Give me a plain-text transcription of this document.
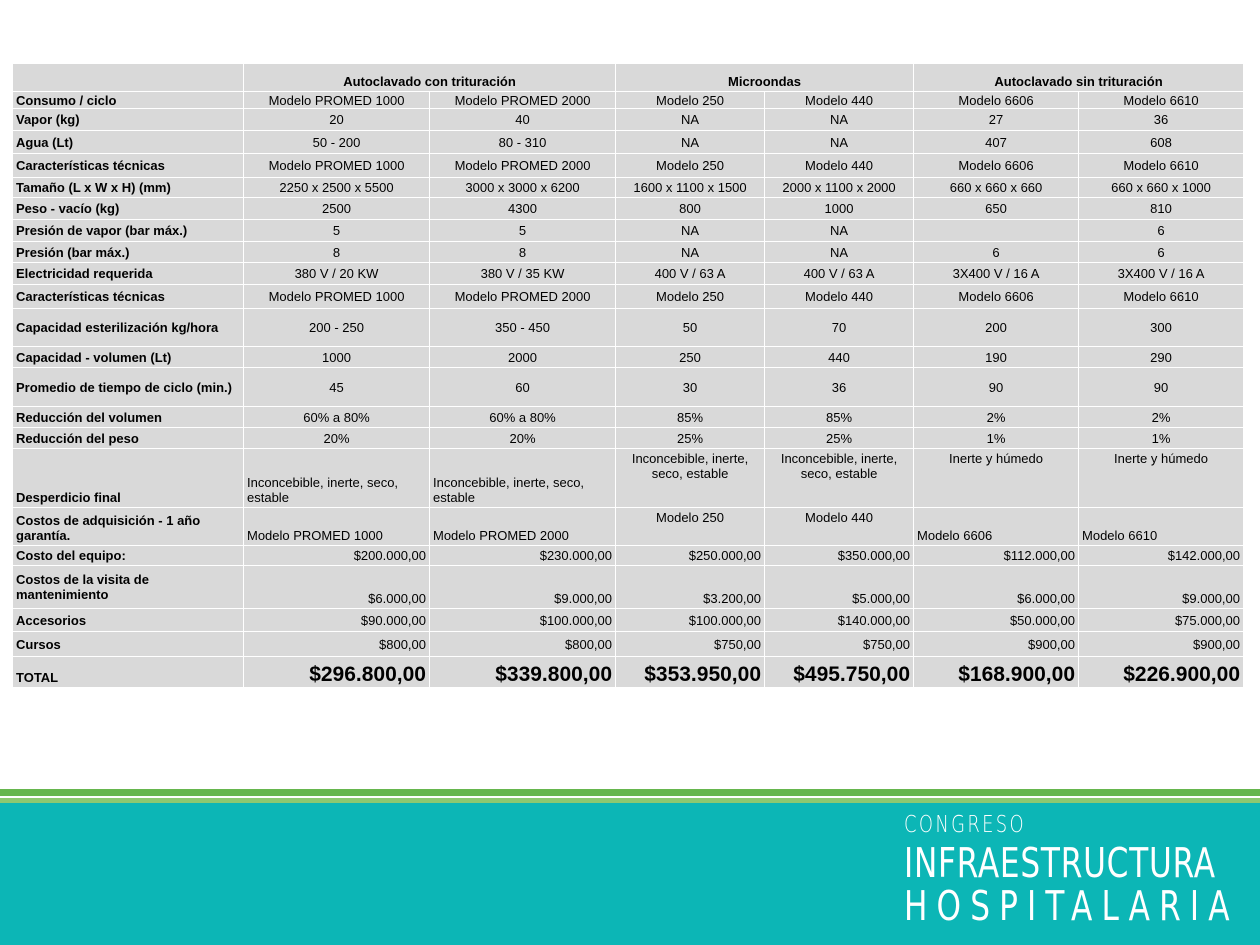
	Autoclavado con trituración		Microondas		Autoclavado sin trituración	
Consumo / ciclo	Modelo PROMED 1000	Modelo PROMED 2000	Modelo 250	Modelo 440	Modelo 6606	Modelo 6610
Vapor (kg)	20	40	NA	NA	27	36
Agua (Lt)	50 - 200	80 - 310	NA	NA	407	608
Características técnicas	Modelo PROMED 1000	Modelo PROMED 2000	Modelo 250	Modelo 440	Modelo 6606	Modelo 6610
Tamaño (L x W x H) (mm)	2250 x 2500 x 5500	3000 x 3000 x 6200	1600 x 1100 x 1500	2000 x 1100 x 2000	660 x 660 x 660	660 x 660 x 1000
Peso - vacío (kg)	2500	4300	800	1000	650	810
Presión de vapor (bar máx.)	5	5	NA	NA		6
Presión (bar máx.)	8	8	NA	NA	6	6
Electricidad requerida	380 V / 20 KW	380 V / 35 KW	400 V / 63 A	400 V / 63 A	3X400 V / 16 A	3X400 V / 16 A
Características técnicas	Modelo PROMED 1000	Modelo PROMED 2000	Modelo 250	Modelo 440	Modelo 6606	Modelo 6610
Capacidad esterilización kg/hora	200 - 250	350 - 450	50	70	200	300
Capacidad - volumen (Lt)	1000	2000	250	440	190	290
Promedio de tiempo de ciclo (min.)	45	60	30	36	90	90
Reducción del volumen	60% a 80%	60% a 80%	85%	85%	2%	2%
Reducción del peso	20%	20%	25%	25%	1%	1%
Desperdicio final	Inconcebible, inerte, seco, estable	Inconcebible, inerte, seco, estable	Inconcebible, inerte, seco, estable	Inconcebible, inerte, seco, estable	Inerte y húmedo	Inerte y húmedo
Costos de adquisición - 1 año garantía.	Modelo PROMED 1000	Modelo PROMED 2000	Modelo 250	Modelo 440	Modelo 6606	Modelo 6610
Costo del equipo:	$200.000,00	$230.000,00	$250.000,00	$350.000,00	$112.000,00	$142.000,00
Costos de la visita de mantenimiento	$6.000,00	$9.000,00	$3.200,00	$5.000,00	$6.000,00	$9.000,00
Accesorios	$90.000,00	$100.000,00	$100.000,00	$140.000,00	$50.000,00	$75.000,00
Cursos	$800,00	$800,00	$750,00	$750,00	$900,00	$900,00
TOTAL	$296.800,00	$339.800,00	$353.950,00	$495.750,00	$168.900,00	$226.900,00
CONGRESO
INFRAESTRUCTURA
HOSPITALARIA
